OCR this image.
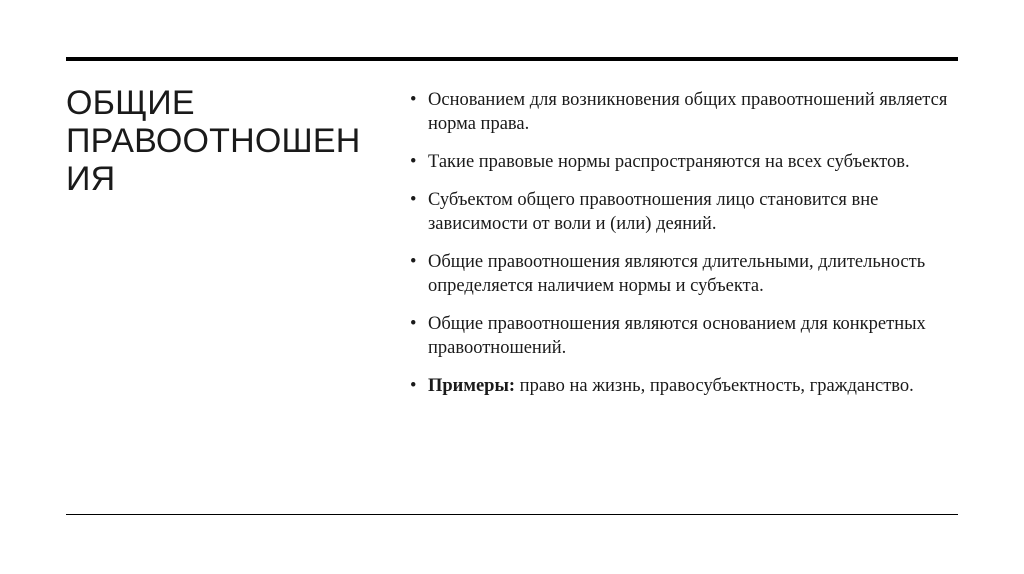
ОБЩИЕ
ПРАВООТНОШЕН
ИЯ
• Основанием для возникновения общих правоотношений является норма права.
• Такие правовые нормы распространяются на всех субъектов.
• Субъектом общего правоотношения лицо становится вне зависимости от воли и (или) деяний.
• Общие правоотношения являются длительными, длительность определяется наличием нормы и субъекта.
• Общие правоотношения являются основанием для конкретных правоотношений.
• Примеры: право на жизнь, правосубъектность, гражданство.
